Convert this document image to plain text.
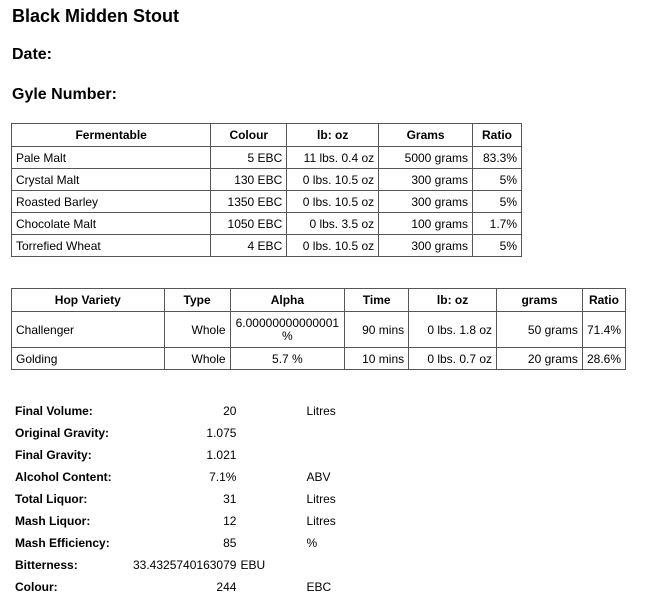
Black Midden Stout
Date:
Gyle Number:
Fermentable	Colour	lb: oz	Grams	Ratio
Pale Malt	5 EBC	11 lbs. 0.4 oz	5000 grams	83.3%
Crystal Malt	130 EBC	0 lbs. 10.5 oz	300 grams	5%
Roasted Barley	1350 EBC	0 lbs. 10.5 oz	300 grams	5%
Chocolate Malt	1050 EBC	0 lbs. 3.5 oz	100 grams	1.7%
Torrefied Wheat	4 EBC	0 lbs. 10.5 oz	300 grams	5%
Hop Variety	Type	Alpha	Time	lb: oz	grams	Ratio
Challenger	Whole	6.00000000000001 %	90 mins	0 lbs. 1.8 oz	50 grams	71.4%
Golding	Whole	5.7 %	10 mins	0 lbs. 0.7 oz	20 grams	28.6%
Final Volume:	20	Litres
Original Gravity:	1.075	
Final Gravity:	1.021	
Alcohol Content:	7.1%	ABV
Total Liquor:	31	Litres
Mash Liquor:	12	Litres
Mash Efficiency:	85	%
Bitterness:	33.4325740163079	EBU
Colour:	244	EBC
